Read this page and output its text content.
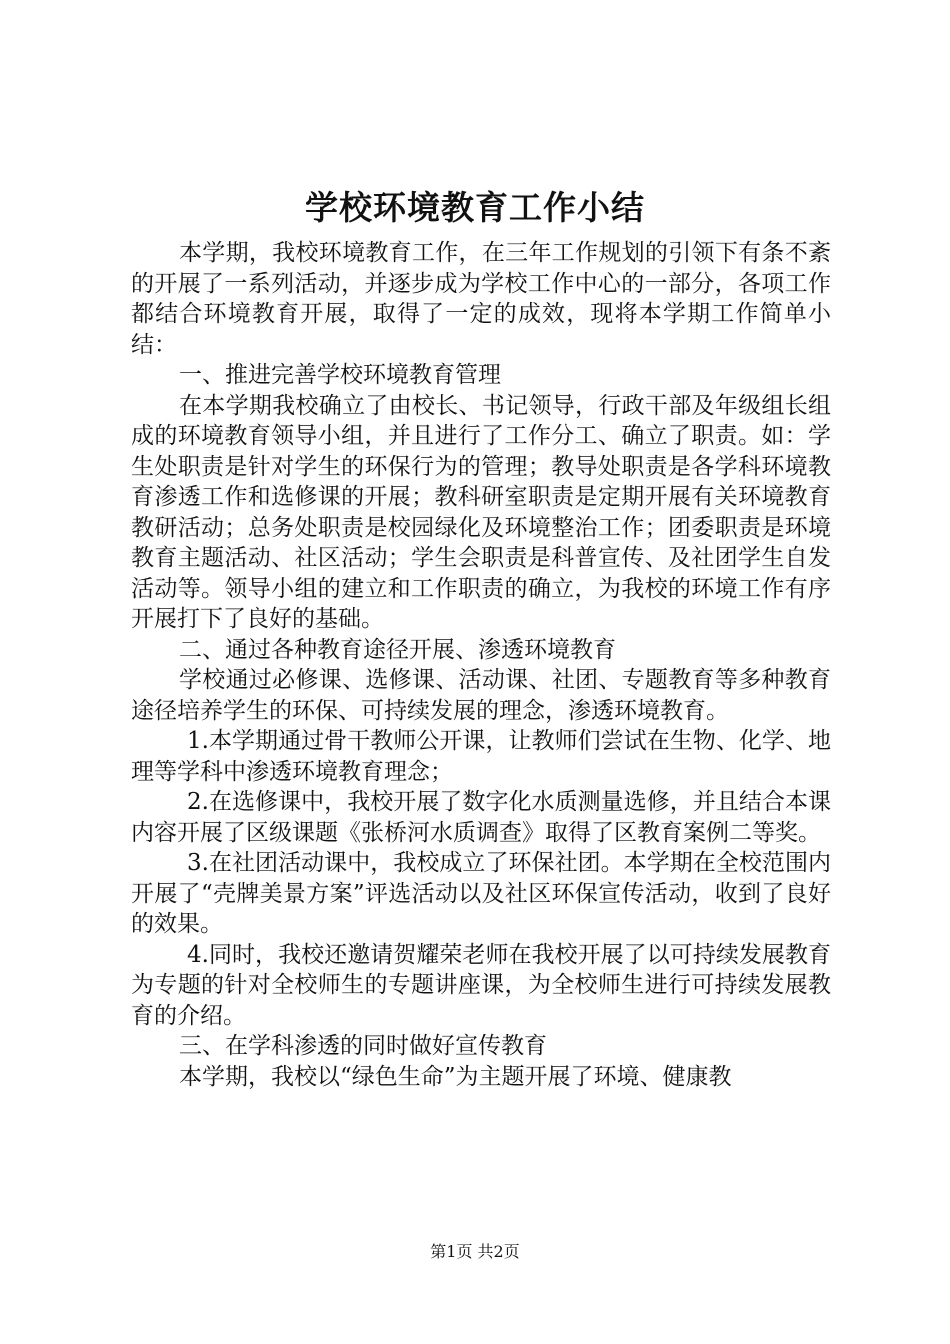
学校环境教育工作小结

本学期，我校环境教育工作，在三年工作规划的引领下有条不紊的开展了一系列活动，并逐步成为学校工作中心的一部分，各项工作都结合环境教育开展，取得了一定的成效，现将本学期工作简单小结：

一、推进完善学校环境教育管理

在本学期我校确立了由校长、书记领导，行政干部及年级组长组成的环境教育领导小组，并且进行了工作分工、确立了职责。如：学生处职责是针对学生的环保行为的管理；教导处职责是各学科环境教育渗透工作和选修课的开展；教科研室职责是定期开展有关环境教育教研活动；总务处职责是校园绿化及环境整治工作；团委职责是环境教育主题活动、社区活动；学生会职责是科普宣传、及社团学生自发活动等。领导小组的建立和工作职责的确立，为我校的环境工作有序开展打下了良好的基础。

二、通过各种教育途径开展、渗透环境教育

学校通过必修课、选修课、活动课、社团、专题教育等多种教育途径培养学生的环保、可持续发展的理念，渗透环境教育。

1.本学期通过骨干教师公开课，让教师们尝试在生物、化学、地理等学科中渗透环境教育理念；

2.在选修课中，我校开展了数字化水质测量选修，并且结合本课内容开展了区级课题《张桥河水质调查》取得了区教育案例二等奖。

3.在社团活动课中，我校成立了环保社团。本学期在全校范围内开展了“壳牌美景方案”评选活动以及社区环保宣传活动，收到了良好的效果。

4.同时，我校还邀请贺耀荣老师在我校开展了以可持续发展教育为专题的针对全校师生的专题讲座课，为全校师生进行可持续发展教育的介绍。

三、在学科渗透的同时做好宣传教育

本学期，我校以“绿色生命”为主题开展了环境、健康教

第1页 共2页
